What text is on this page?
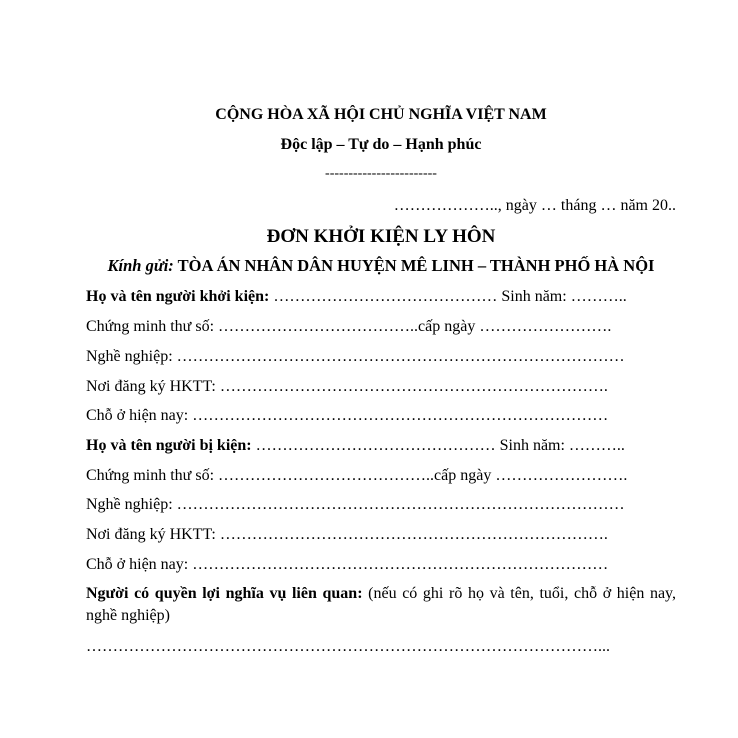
CỘNG HÒA XÃ HỘI CHỦ NGHĨA VIỆT NAM
Độc lập – Tự do – Hạnh phúc
------------------------
……………….., ngày … tháng … năm 20..
ĐƠN KHỞI KIỆN LY HÔN
Kính gửi: TÒA ÁN NHÂN DÂN HUYỆN MÊ LINH – THÀNH PHỐ HÀ NỘI
Họ và tên người khởi kiện: …………………………………… Sinh năm: ………..
Chứng minh thư số: ………………………………..cấp ngày …………………….
Nghề nghiệp: …………………………………………………………………………
Nơi đăng ký HKTT: ……………………………………………………………….
Chỗ ở hiện nay: ……………………………………………………………………
Họ và tên người bị kiện: ……………………………………… Sinh năm: ………..
Chứng minh thư số: …………………………………..cấp ngày …………………….
Nghề nghiệp: …………………………………………………………………………
Nơi đăng ký HKTT: ……………………………………………………………….
Chỗ ở hiện nay: ……………………………………………………………………
Người có quyền lợi nghĩa vụ liên quan: (nếu có ghi rõ họ và tên, tuổi, chỗ ở hiện nay, nghề nghiệp)
……………………………………………………………………………………...
